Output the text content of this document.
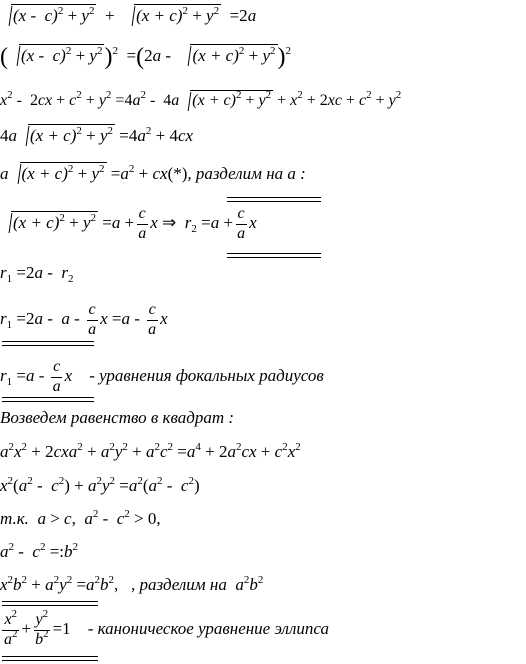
$(x - c)^2 + y^2 + (x + c)^2 + y^2 =2a$
( $(x - c)^2 + y^2)^2 =(2a - (x + c)^2 + y^2)^2$
$x^2 - 2cx + c^2 + y^2 =4a^2 - 4a$ $(x + c)^2 + y^2 + x^2 + 2xc + c^2 + y^2$
4a $(x + c)^2 + y^2 =4a^2 + 4cx$
a $(x + c)^2 + y^2 =a^2 + cx(*)$, разделим на a :
$(x + c)^2 + y^2 =a + \frac{c}{a}$ x ⇒ $r_2 =a + \frac{c}{a}$ x
$r_1 =2a - r_2$
$r_1 =2a - a - \frac{c}{a}$ $x =a - \frac{c}{a}$ x
$r_1 =a - \frac{c}{a}$ x - уравнения фокальных радиусов
Возведем равенство в квадрат :
$a^2x^2 + 2cxa^2 + a^2y^2 + a^2c^2 =a^4 + 2a^2cx + c^2x^2$
$x^2(a^2 - c^2) + a^2y^2 =a^2(a^2 - c^2)$
т.к. a > c,  $a^2 - c^2 > 0$,
$a^2 - c^2$ $=:b^2$
$x^2b^2 + a^2y^2 =a^2b^2$,   , разделим на $a^2b^2$
$\frac{x^2}{a^2} + \frac{y^2}{b^2} =1$    - каноническое уравнение эллипса
